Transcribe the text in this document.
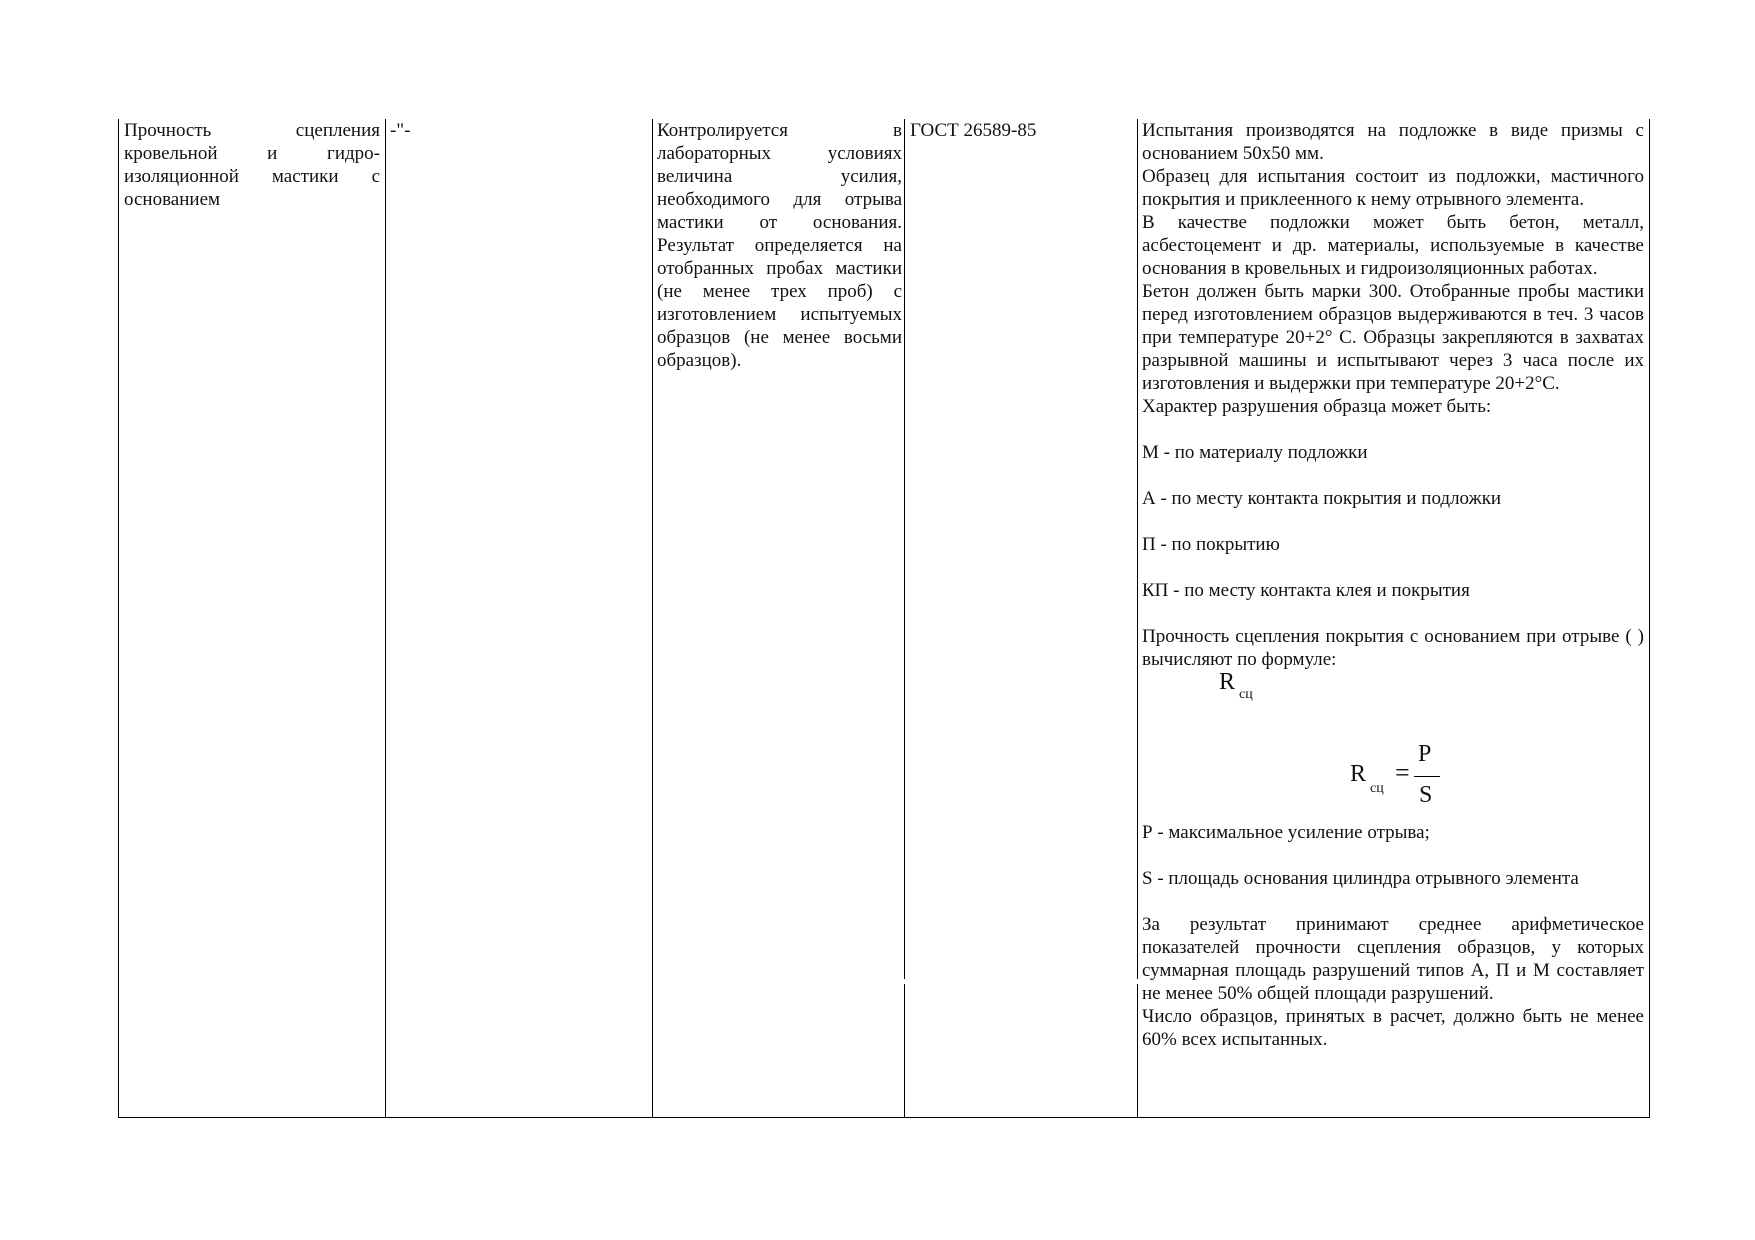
Прочность сцепления кровельной и гидро-изоляционной мастики с основанием
-"-	Контролируется в лабораторных условиях величина усилия, необходимого для отрыва мастики от основания. Результат определяется на отобранных пробах мастики (не менее трех проб) с изготовлением испытуемых образцов (не менее восьми образцов).
ГОСТ 26589-85	Испытания производятся на подложке в виде призмы с основанием 50х50 мм.
Образец для испытания состоит из подложки, мастичного покрытия и приклеенного к нему отрывного элемента.
В качестве подложки может быть бетон, металл, асбестоцемент и др. материалы, используемые в качестве основания в кровельных и гидроизоляционных работах.
Бетон должен быть марки 300. Отобранные пробы мастики перед изготовлением образцов выдерживаются в теч. 3 часов при температуре 20+2° С. Образцы закрепляются в захватах разрывной машины и испытывают через 3 часа после их изготовления и выдержки при температуре 20+2°С.
Характер разрушения образца может быть:
М - по материалу подложки
А - по месту контакта покрытия и подложки
П - по покрытию
КП - по месту контакта клея и покрытия
Прочность сцепления покрытия с основанием при отрыве ( ) вычисляют по формуле:
R сц
R
сц
=
P
S
Р - максимальное усиление отрыва;
S - площадь основания цилиндра отрывного элемента
За результат принимают среднее арифметическое показателей прочности сцепления образцов, у которых суммарная площадь разрушений типов А, П и М составляет не менее 50% общей площади разрушений.
Число образцов, принятых в расчет, должно быть не менее 60% всех испытанных.
